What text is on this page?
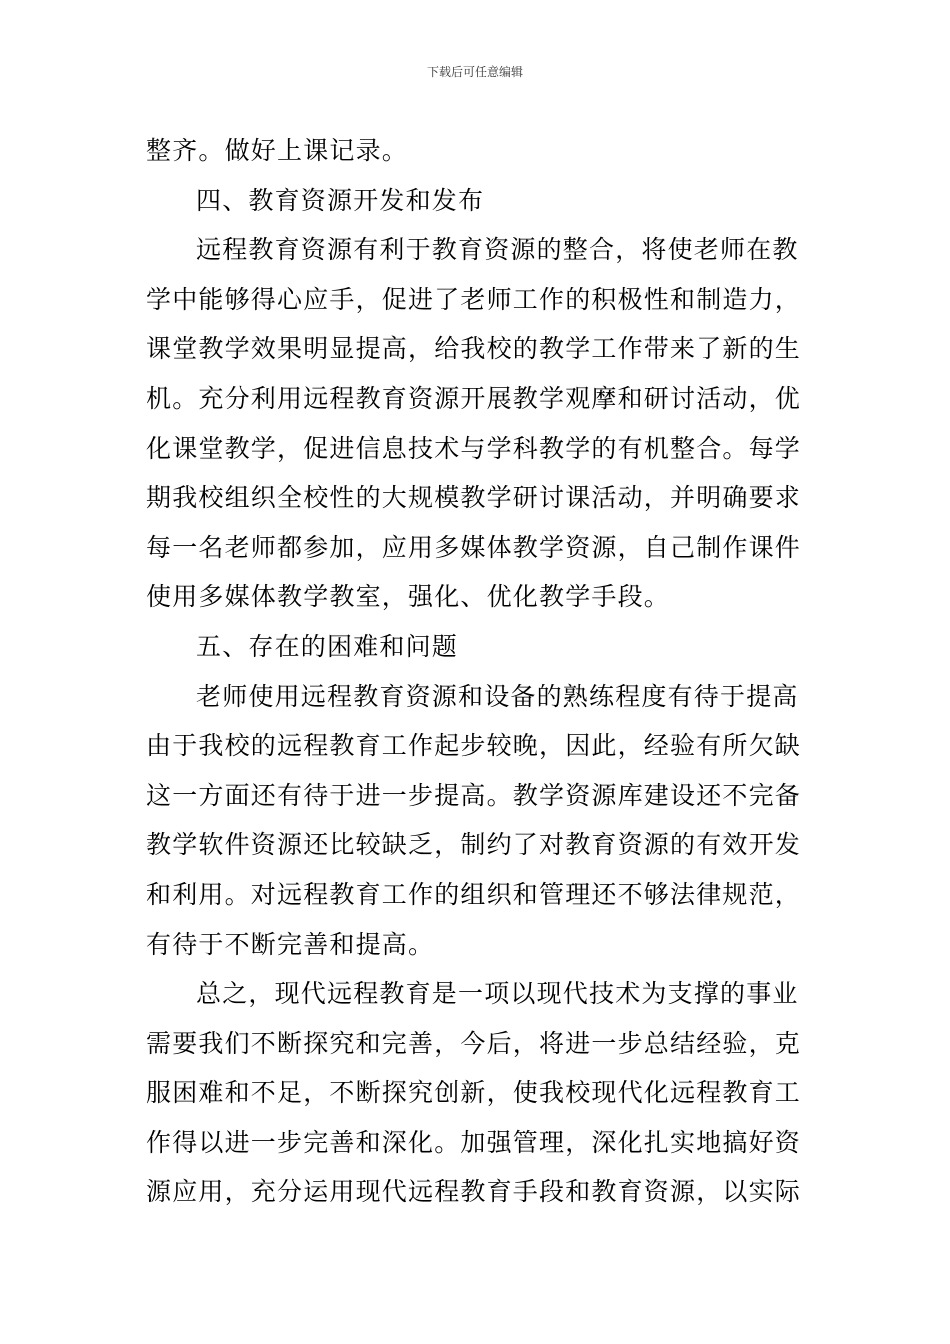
下载后可任意编辑
整齐。做好上课记录。
四、教育资源开发和发布
远程教育资源有利于教育资源的整合，将使老师在教
学中能够得心应手，促进了老师工作的积极性和制造力，
课堂教学效果明显提高，给我校的教学工作带来了新的生
机。充分利用远程教育资源开展教学观摩和研讨活动，优
化课堂教学，促进信息技术与学科教学的有机整合。每学
期我校组织全校性的大规模教学研讨课活动，并明确要求
每一名老师都参加，应用多媒体教学资源，自己制作课件
使用多媒体教学教室，强化、优化教学手段。
五、存在的困难和问题
老师使用远程教育资源和设备的熟练程度有待于提高
由于我校的远程教育工作起步较晚，因此，经验有所欠缺
这一方面还有待于进一步提高。教学资源库建设还不完备
教学软件资源还比较缺乏，制约了对教育资源的有效开发
和利用。对远程教育工作的组织和管理还不够法律规范，
有待于不断完善和提高。
总之，现代远程教育是一项以现代技术为支撑的事业
需要我们不断探究和完善，今后，将进一步总结经验，克
服困难和不足，不断探究创新，使我校现代化远程教育工
作得以进一步完善和深化。加强管理，深化扎实地搞好资
源应用，充分运用现代远程教育手段和教育资源，以实际
